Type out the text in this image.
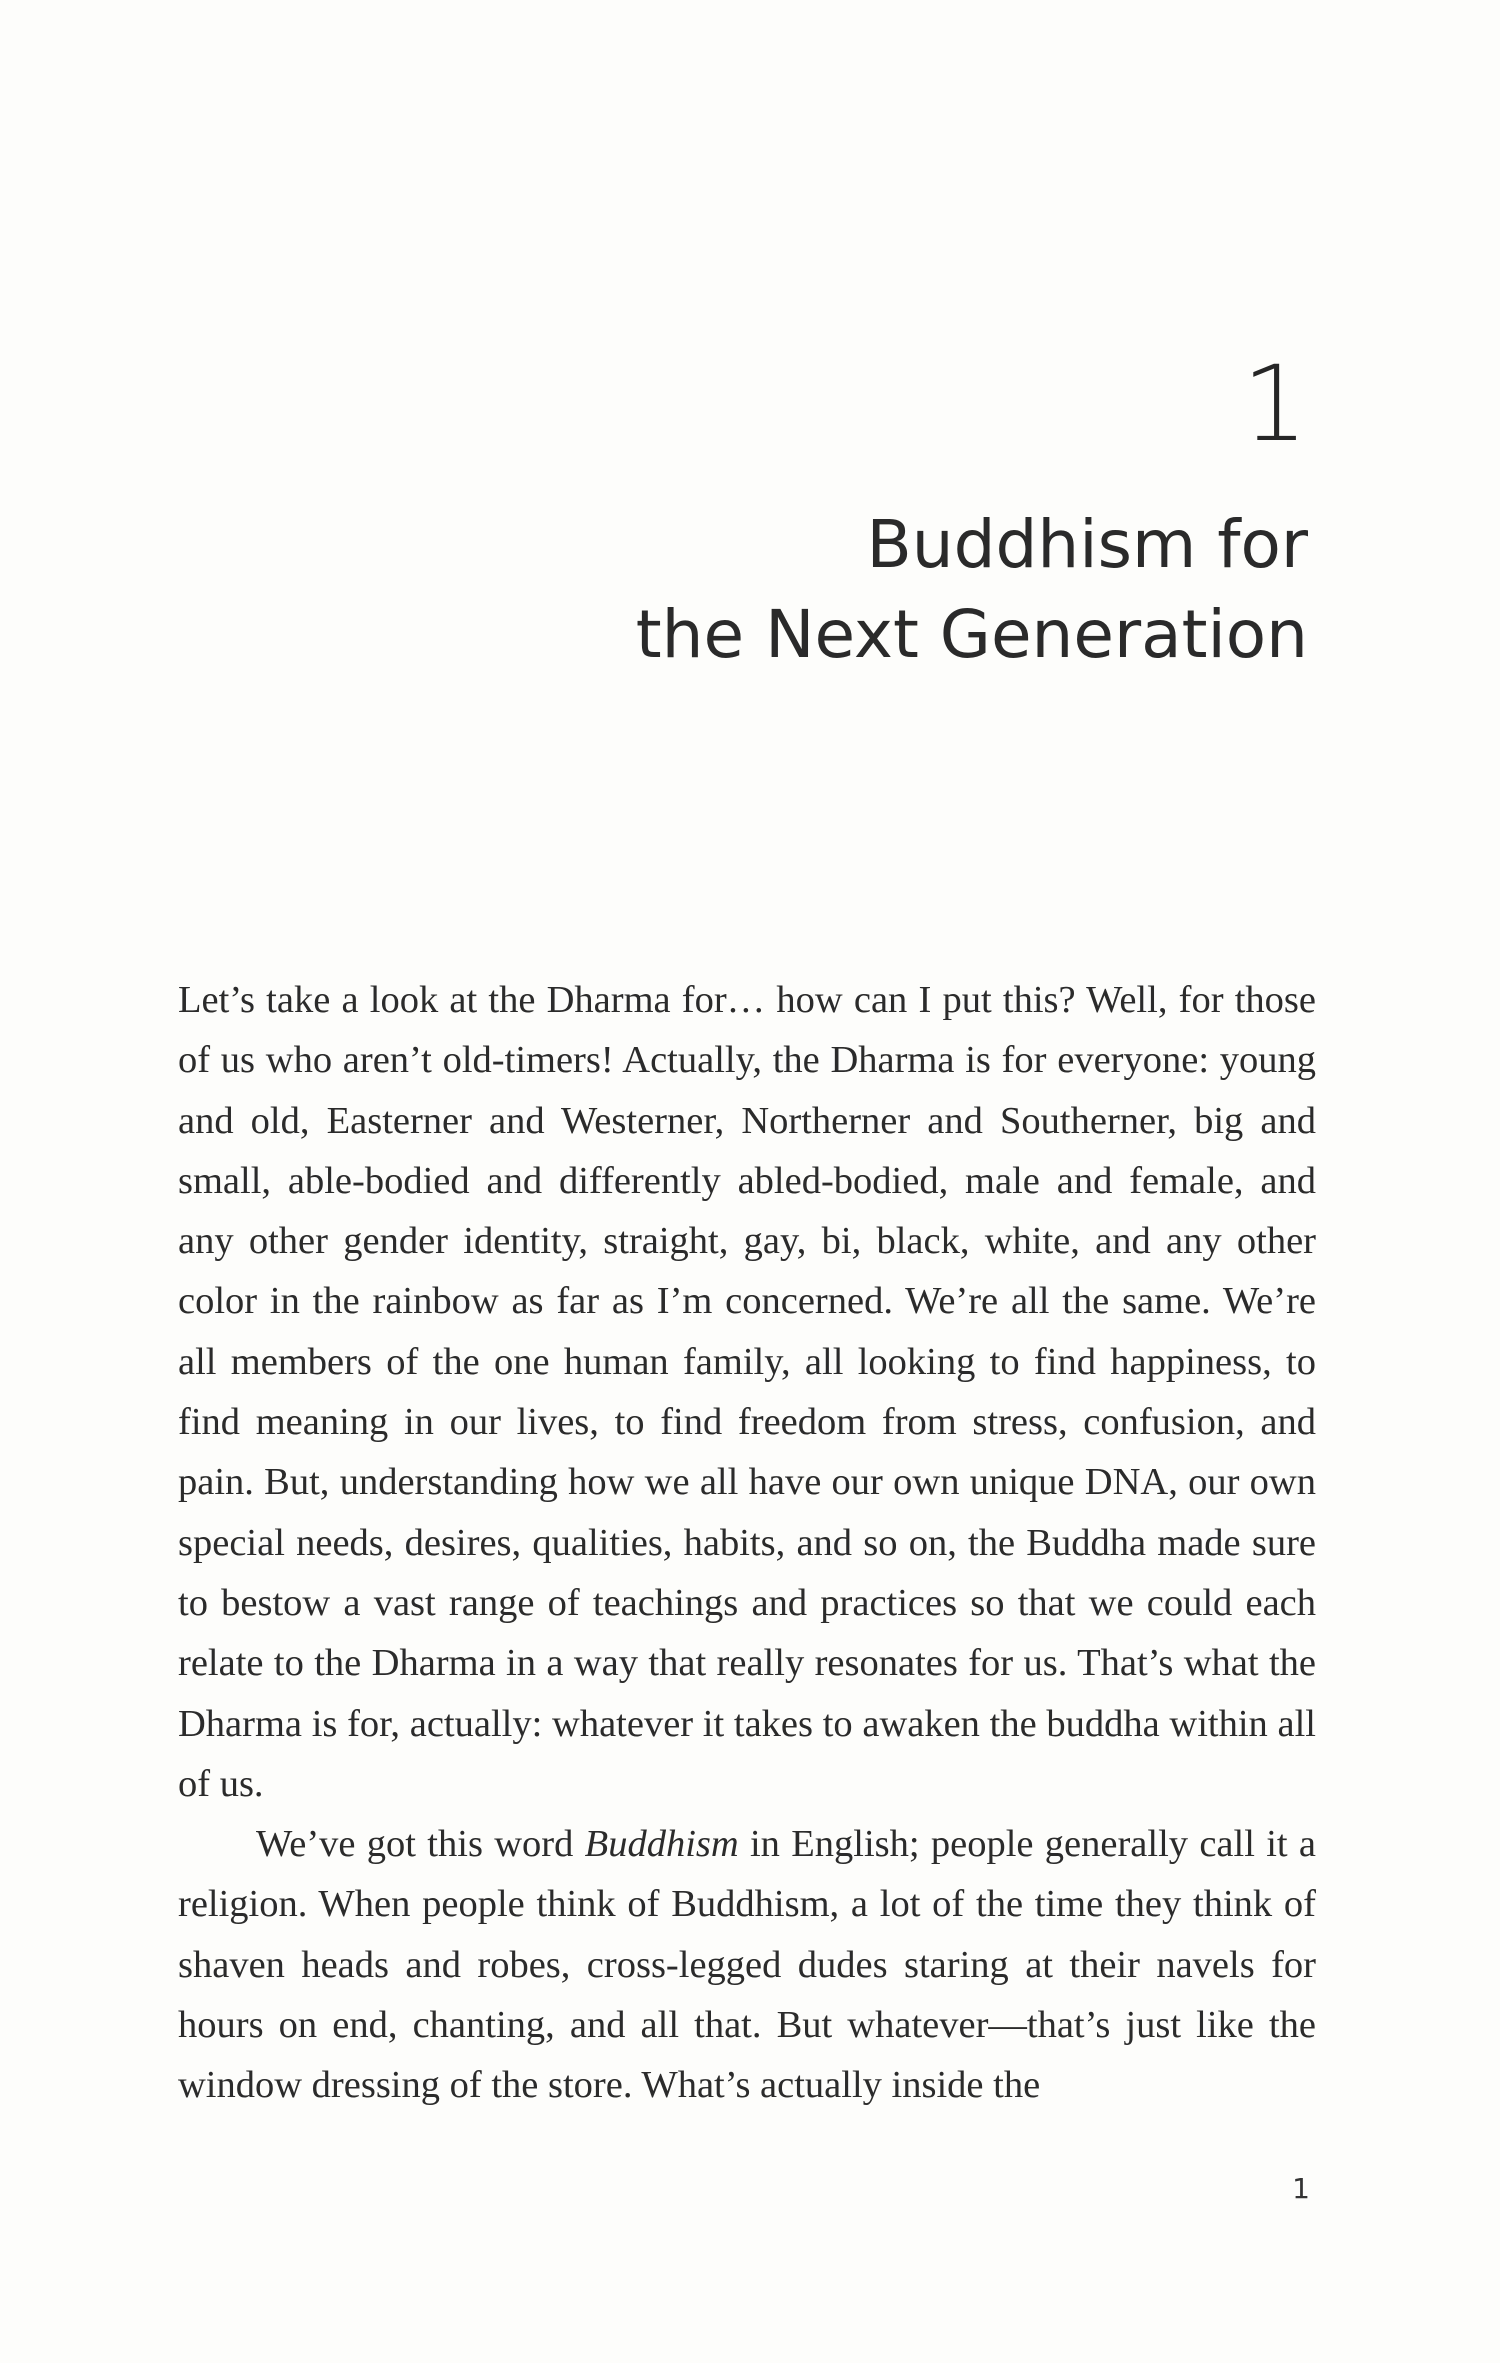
1
Buddhism for
the Next Generation

Let’s take a look at the Dharma for… how can I put this? Well, for those of us who aren’t old-timers! Actually, the Dharma is for everyone: young and old, Easterner and Westerner, Northerner and Southerner, big and small, able-bodied and differently abled-bodied, male and female, and any other gender identity, straight, gay, bi, black, white, and any other color in the rainbow as far as I’m concerned. We’re all the same. We’re all members of the one human family, all looking to find happiness, to find meaning in our lives, to find freedom from stress, confusion, and pain. But, understanding how we all have our own unique DNA, our own special needs, desires, qualities, habits, and so on, the Buddha made sure to bestow a vast range of teachings and practices so that we could each relate to the Dharma in a way that really resonates for us. That’s what the Dharma is for, actually: whatever it takes to awaken the buddha within all of us.

We’ve got this word Buddhism in English; people generally call it a religion. When people think of Buddhism, a lot of the time they think of shaven heads and robes, cross-legged dudes staring at their navels for hours on end, chanting, and all that. But whatever—that’s just like the window dressing of the store. What’s actually inside the

1
